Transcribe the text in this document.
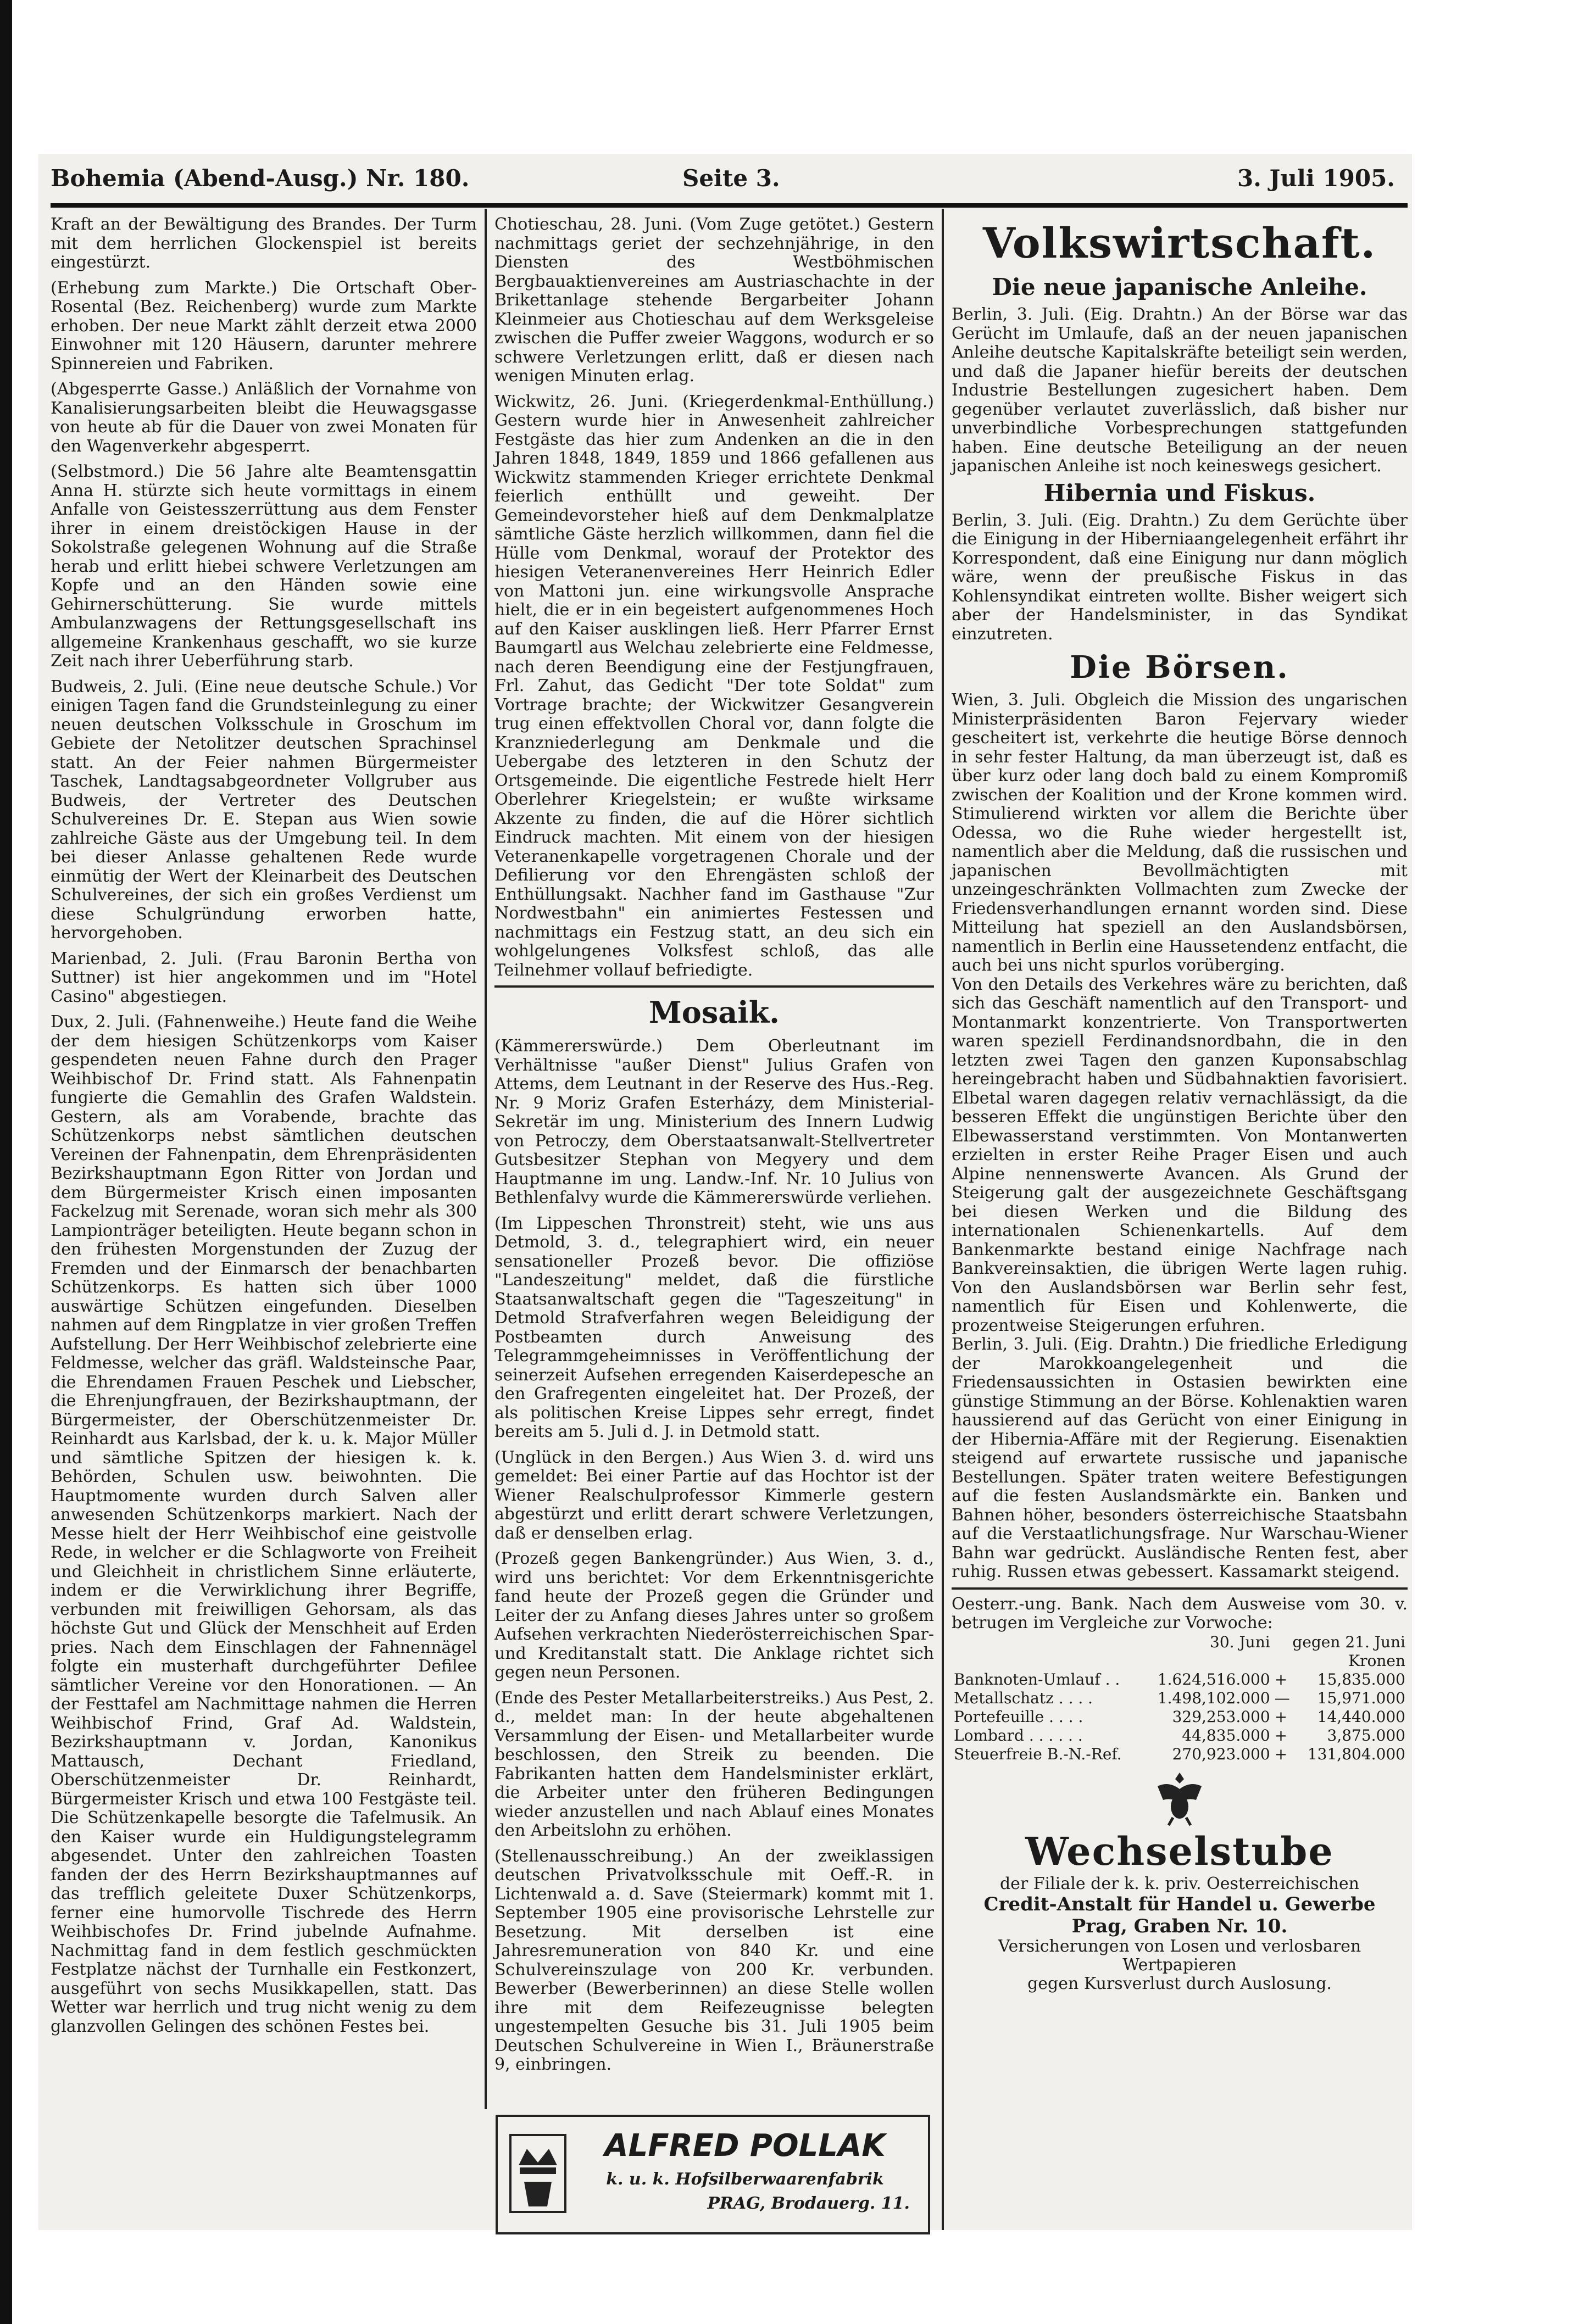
Bohemia (Abend-Ausg.) Nr. 180.	Seite 3.	3. Juli 1905.

Kraft an der Bewältigung des Brandes. Der Turm mit dem herrlichen Glockenspiel ist bereits eingestürzt.

(Erhebung zum Markte.) Die Ortschaft Ober-Rosental (Bez. Reichenberg) wurde zum Markte erhoben. Der neue Markt zählt derzeit etwa 2000 Einwohner mit 120 Häusern, darunter mehrere Spinnereien und Fabriken.

(Abgesperrte Gasse.) Anläßlich der Vornahme von Kanalisierungsarbeiten bleibt die Heuwagsgasse von heute ab für die Dauer von zwei Monaten für den Wagenverkehr abgesperrt.

(Selbstmord.) Die 56 Jahre alte Beamtensgattin Anna H. stürzte sich heute vormittags in einem Anfalle von Geistesszerrüttung aus dem Fenster ihrer in einem dreistöckigen Hause in der Sokolstraße gelegenen Wohnung auf die Straße herab und erlitt hiebei schwere Verletzungen am Kopfe und an den Händen sowie eine Gehirnerschütterung. Sie wurde mittels Ambulanzwagens der Rettungsgesellschaft ins allgemeine Krankenhaus geschafft, wo sie kurze Zeit nach ihrer Ueberführung starb.

Budweis, 2. Juli. (Eine neue deutsche Schule.) Vor einigen Tagen fand die Grundsteinlegung zu einer neuen deutschen Volksschule in Groschum im Gebiete der Netolitzer deutschen Sprachinsel statt. An der Feier nahmen Bürgermeister Taschek, Landtagsabgeordneter Vollgruber aus Budweis, der Vertreter des Deutschen Schulvereines Dr. E. Stepan aus Wien sowie zahlreiche Gäste aus der Umgebung teil. In dem bei dieser Anlasse gehaltenen Rede wurde einmütig der Wert der Kleinarbeit des Deutschen Schulvereines, der sich ein großes Verdienst um diese Schulgründung erworben hatte, hervorgehoben.

Marienbad, 2. Juli. (Frau Baronin Bertha von Suttner) ist hier angekommen und im "Hotel Casino" abgestiegen.

Dux, 2. Juli. (Fahnenweihe.) Heute fand die Weihe der dem hiesigen Schützenkorps vom Kaiser gespendeten neuen Fahne durch den Prager Weihbischof Dr. Frind statt. Als Fahnenpatin fungierte die Gemahlin des Grafen Waldstein. Gestern, als am Vorabende, brachte das Schützenkorps nebst sämtlichen deutschen Vereinen der Fahnenpatin, dem Ehrenpräsidenten Bezirkshauptmann Egon Ritter von Jordan und dem Bürgermeister Krisch einen imposanten Fackelzug mit Serenade, woran sich mehr als 300 Lampionträger beteiligten. Heute begann schon in den frühesten Morgenstunden der Zuzug der Fremden und der Einmarsch der benachbarten Schützenkorps. Es hatten sich über 1000 auswärtige Schützen eingefunden. Dieselben nahmen auf dem Ringplatze in vier großen Treffen Aufstellung. Der Herr Weihbischof zelebrierte eine Feldmesse, welcher das gräfl. Waldsteinsche Paar, die Ehrendamen Frauen Peschek und Liebscher, die Ehrenjungfrauen, der Bezirkshauptmann, der Bürgermeister, der Oberschützenmeister Dr. Reinhardt aus Karlsbad, der k. u. k. Major Müller und sämtliche Spitzen der hiesigen k. k. Behörden, Schulen usw. beiwohnten. Die Hauptmomente wurden durch Salven aller anwesenden Schützenkorps markiert. Nach der Messe hielt der Herr Weihbischof eine geistvolle Rede, in welcher er die Schlagworte von Freiheit und Gleichheit in christlichem Sinne erläuterte, indem er die Verwirklichung ihrer Begriffe, verbunden mit freiwilligen Gehorsam, als das höchste Gut und Glück der Menschheit auf Erden pries. Nach dem Einschlagen der Fahnennägel folgte ein musterhaft durchgeführter Defilee sämtlicher Vereine vor den Honorationen. — An der Festtafel am Nachmittage nahmen die Herren Weihbischof Frind, Graf Ad. Waldstein, Bezirkshauptmann v. Jordan, Kanonikus Mattausch, Dechant Friedland, Oberschützenmeister Dr. Reinhardt, Bürgermeister Krisch und etwa 100 Festgäste teil. Die Schützenkapelle besorgte die Tafelmusik. An den Kaiser wurde ein Huldigungstelegramm abgesendet. Unter den zahlreichen Toasten fanden der des Herrn Bezirkshauptmannes auf das trefflich geleitete Duxer Schützenkorps, ferner eine humorvolle Tischrede des Herrn Weihbischofes Dr. Frind jubelnde Aufnahme. Nachmittag fand in dem festlich geschmückten Festplatze nächst der Turnhalle ein Festkonzert, ausgeführt von sechs Musikkapellen, statt. Das Wetter war herrlich und trug nicht wenig zu dem glanzvollen Gelingen des schönen Festes bei.

Chotieschau, 28. Juni. (Vom Zuge getötet.) Gestern nachmittags geriet der sechzehnjährige, in den Diensten des Westböhmischen Bergbauaktienvereines am Austriaschachte in der Brikettanlage stehende Bergarbeiter Johann Kleinmeier aus Chotieschau auf dem Werksgeleise zwischen die Puffer zweier Waggons, wodurch er so schwere Verletzungen erlitt, daß er diesen nach wenigen Minuten erlag.

Wickwitz, 26. Juni. (Kriegerdenkmal-Enthüllung.) Gestern wurde hier in Anwesenheit zahlreicher Festgäste das hier zum Andenken an die in den Jahren 1848, 1849, 1859 und 1866 gefallenen aus Wickwitz stammenden Krieger errichtete Denkmal feierlich enthüllt und geweiht. Der Gemeindevorsteher hieß auf dem Denkmalplatze sämtliche Gäste herzlich willkommen, dann fiel die Hülle vom Denkmal, worauf der Protektor des hiesigen Veteranenvereines Herr Heinrich Edler von Mattoni jun. eine wirkungsvolle Ansprache hielt, die er in ein begeistert aufgenommenes Hoch auf den Kaiser ausklingen ließ. Herr Pfarrer Ernst Baumgartl aus Welchau zelebrierte eine Feldmesse, nach deren Beendigung eine der Festjungfrauen, Frl. Zahut, das Gedicht "Der tote Soldat" zum Vortrage brachte; der Wickwitzer Gesangverein trug einen effektvollen Choral vor, dann folgte die Kranzniederlegung am Denkmale und die Uebergabe des letzteren in den Schutz der Ortsgemeinde. Die eigentliche Festrede hielt Herr Oberlehrer Kriegelstein; er wußte wirksame Akzente zu finden, die auf die Hörer sichtlich Eindruck machten. Mit einem von der hiesigen Veteranenkapelle vorgetragenen Chorale und der Defilierung vor den Ehrengästen schloß der Enthüllungsakt. Nachher fand im Gasthause "Zur Nordwestbahn" ein animiertes Festessen und nachmittags ein Festzug statt, an deu sich ein wohlgelungenes Volksfest schloß, das alle Teilnehmer vollauf befriedigte.

Mosaik.

(Kämmererswürde.) Dem Oberleutnant im Verhältnisse "außer Dienst" Julius Grafen von Attems, dem Leutnant in der Reserve des Hus.-Reg. Nr. 9 Moriz Grafen Esterházy, dem Ministerial-Sekretär im ung. Ministerium des Innern Ludwig von Petroczy, dem Oberstaatsanwalt-Stellvertreter Gutsbesitzer Stephan von Megyery und dem Hauptmanne im ung. Landw.-Inf. Nr. 10 Julius von Bethlenfalvy wurde die Kämmererswürde verliehen.

(Im Lippeschen Thronstreit) steht, wie uns aus Detmold, 3. d., telegraphiert wird, ein neuer sensationeller Prozeß bevor. Die offiziöse "Landeszeitung" meldet, daß die fürstliche Staatsanwaltschaft gegen die "Tageszeitung" in Detmold Strafverfahren wegen Beleidigung der Postbeamten durch Anweisung des Telegrammgeheimnisses in Veröffentlichung der seinerzeit Aufsehen erregenden Kaiserdepesche an den Grafregenten eingeleitet hat. Der Prozeß, der als politischen Kreise Lippes sehr erregt, findet bereits am 5. Juli d. J. in Detmold statt.

(Unglück in den Bergen.) Aus Wien 3. d. wird uns gemeldet: Bei einer Partie auf das Hochtor ist der Wiener Realschulprofessor Kimmerle gestern abgestürzt und erlitt derart schwere Verletzungen, daß er denselben erlag.

(Prozeß gegen Bankengründer.) Aus Wien, 3. d., wird uns berichtet: Vor dem Erkenntnisgerichte fand heute der Prozeß gegen die Gründer und Leiter der zu Anfang dieses Jahres unter so großem Aufsehen verkrachten Niederösterreichischen Spar- und Kreditanstalt statt. Die Anklage richtet sich gegen neun Personen.

(Ende des Pester Metallarbeiterstreiks.) Aus Pest, 2. d., meldet man: In der heute abgehaltenen Versammlung der Eisen- und Metallarbeiter wurde beschlossen, den Streik zu beenden. Die Fabrikanten hatten dem Handelsminister erklärt, die Arbeiter unter den früheren Bedingungen wieder anzustellen und nach Ablauf eines Monates den Arbeitslohn zu erhöhen.

(Stellenausschreibung.) An der zweiklassigen deutschen Privatvolksschule mit Oeff.-R. in Lichtenwald a. d. Save (Steiermark) kommt mit 1. September 1905 eine provisorische Lehrstelle zur Besetzung. Mit derselben ist eine Jahresremuneration von 840 Kr. und eine Schulvereinszulage von 200 Kr. verbunden. Bewerber (Bewerberinnen) an diese Stelle wollen ihre mit dem Reifezeugnisse belegten ungestempelten Gesuche bis 31. Juli 1905 beim Deutschen Schulvereine in Wien I., Bräunerstraße 9, einbringen.

ALFRED POLLAK
k. u. k. Hofsilberwaarenfabrik
PRAG, Brodauerg. 11.
Volkswirtschaft.
Die neue japanische Anleihe.

Berlin, 3. Juli. (Eig. Drahtn.) An der Börse war das Gerücht im Umlaufe, daß an der neuen japanischen Anleihe deutsche Kapitalskräfte beteiligt sein werden, und daß die Japaner hiefür bereits der deutschen Industrie Bestellungen zugesichert haben. Dem gegenüber verlautet zuverlässlich, daß bisher nur unverbindliche Vorbesprechungen stattgefunden haben. Eine deutsche Beteiligung an der neuen japanischen Anleihe ist noch keineswegs gesichert.

Hibernia und Fiskus.

Berlin, 3. Juli. (Eig. Drahtn.) Zu dem Gerüchte über die Einigung in der Hiberniaangelegenheit erfährt ihr Korrespondent, daß eine Einigung nur dann möglich wäre, wenn der preußische Fiskus in das Kohlensyndikat eintreten wollte. Bisher weigert sich aber der Handelsminister, in das Syndikat einzutreten.

Die Börsen.

Wien, 3. Juli. Obgleich die Mission des ungarischen Ministerpräsidenten Baron Fejervary wieder gescheitert ist, verkehrte die heutige Börse dennoch in sehr fester Haltung, da man überzeugt ist, daß es über kurz oder lang doch bald zu einem Kompromiß zwischen der Koalition und der Krone kommen wird. Stimulierend wirkten vor allem die Berichte über Odessa, wo die Ruhe wieder hergestellt ist, namentlich aber die Meldung, daß die russischen und japanischen Bevollmächtigten mit unzeingeschränkten Vollmachten zum Zwecke der Friedensverhandlungen ernannt worden sind. Diese Mitteilung hat speziell an den Auslandsbörsen, namentlich in Berlin eine Haussetendenz entfacht, die auch bei uns nicht spurlos vorüberging.

Von den Details des Verkehres wäre zu berichten, daß sich das Geschäft namentlich auf den Transport- und Montanmarkt konzentrierte. Von Transportwerten waren speziell Ferdinandsnordbahn, die in den letzten zwei Tagen den ganzen Kuponsabschlag hereingebracht haben und Südbahnaktien favorisiert. Elbetal waren dagegen relativ vernachlässigt, da die besseren Effekt die ungünstigen Berichte über den Elbewasserstand verstimmten. Von Montanwerten erzielten in erster Reihe Prager Eisen und auch Alpine nennenswerte Avancen. Als Grund der Steigerung galt der ausgezeichnete Geschäftsgang bei diesen Werken und die Bildung des internationalen Schienenkartells. Auf dem Bankenmarkte bestand einige Nachfrage nach Bankvereinsaktien, die übrigen Werte lagen ruhig. Von den Auslandsbörsen war Berlin sehr fest, namentlich für Eisen und Kohlenwerte, die prozentweise Steigerungen erfuhren.

Berlin, 3. Juli. (Eig. Drahtn.) Die friedliche Erledigung der Marokkoangelegenheit und die Friedensaussichten in Ostasien bewirkten eine günstige Stimmung an der Börse. Kohlenaktien waren haussierend auf das Gerücht von einer Einigung in der Hibernia-Affäre mit der Regierung. Eisenaktien steigend auf erwartete russische und japanische Bestellungen. Später traten weitere Befestigungen auf die festen Auslandsmärkte ein. Banken und Bahnen höher, besonders österreichische Staatsbahn auf die Verstaatlichungsfrage. Nur Warschau-Wiener Bahn war gedrückt. Ausländische Renten fest, aber ruhig. Russen etwas gebessert. Kassamarkt steigend.

Oesterr.-ung. Bank. Nach dem Ausweise vom 30. v. betrugen im Vergleiche zur Vorwoche:

	30. Juni	gegen 21. Juni	
		Kronen	
Banknoten-Umlauf . .	1.624,516.000	+	15,835.000
Metallschatz . . . .	1.498,102.000	—	15,971.000
Portefeuille . . . .	329,253.000	+	14,440.000
Lombard . . . . . .	44,835.000	+	3,875.000
Steuerfreie B.-N.-Ref.	270,923.000	+	131,804.000
Wechselstube
der Filiale der k. k. priv. Oesterreichischen
Credit-Anstalt für Handel u. Gewerbe
Prag, Graben Nr. 10.
Versicherungen von Losen und verlosbaren Wertpapieren
gegen Kursverlust durch Auslosung.
